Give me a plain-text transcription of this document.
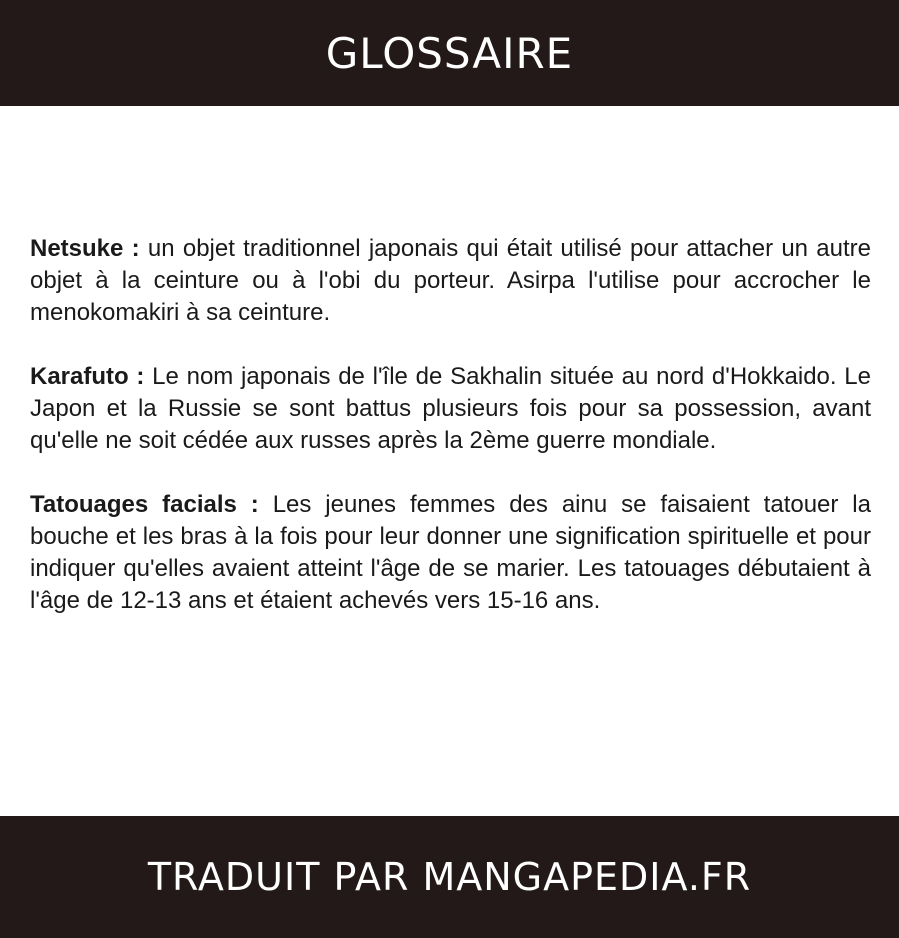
GLOSSAIRE

Netsuke : un objet traditionnel japonais qui était utilisé pour attacher un autre objet à la ceinture ou à l'obi du porteur. Asirpa l'utilise pour accrocher le menokomakiri à sa ceinture.

Karafuto : Le nom japonais de l'île de Sakhalin située au nord d'Hokkaido. Le Japon et la Russie se sont battus plusieurs fois pour sa possession, avant qu'elle ne soit cédée aux russes après la 2ème guerre mondiale.

Tatouages facials : Les jeunes femmes des ainu se faisaient tatouer la bouche et les bras à la fois pour leur donner une signification spirituelle et pour indiquer qu'elles avaient atteint l'âge de se marier. Les tatouages débutaient à l'âge de 12-13 ans et étaient achevés vers 15-16 ans.

TRADUIT PAR MANGAPEDIA.FR
